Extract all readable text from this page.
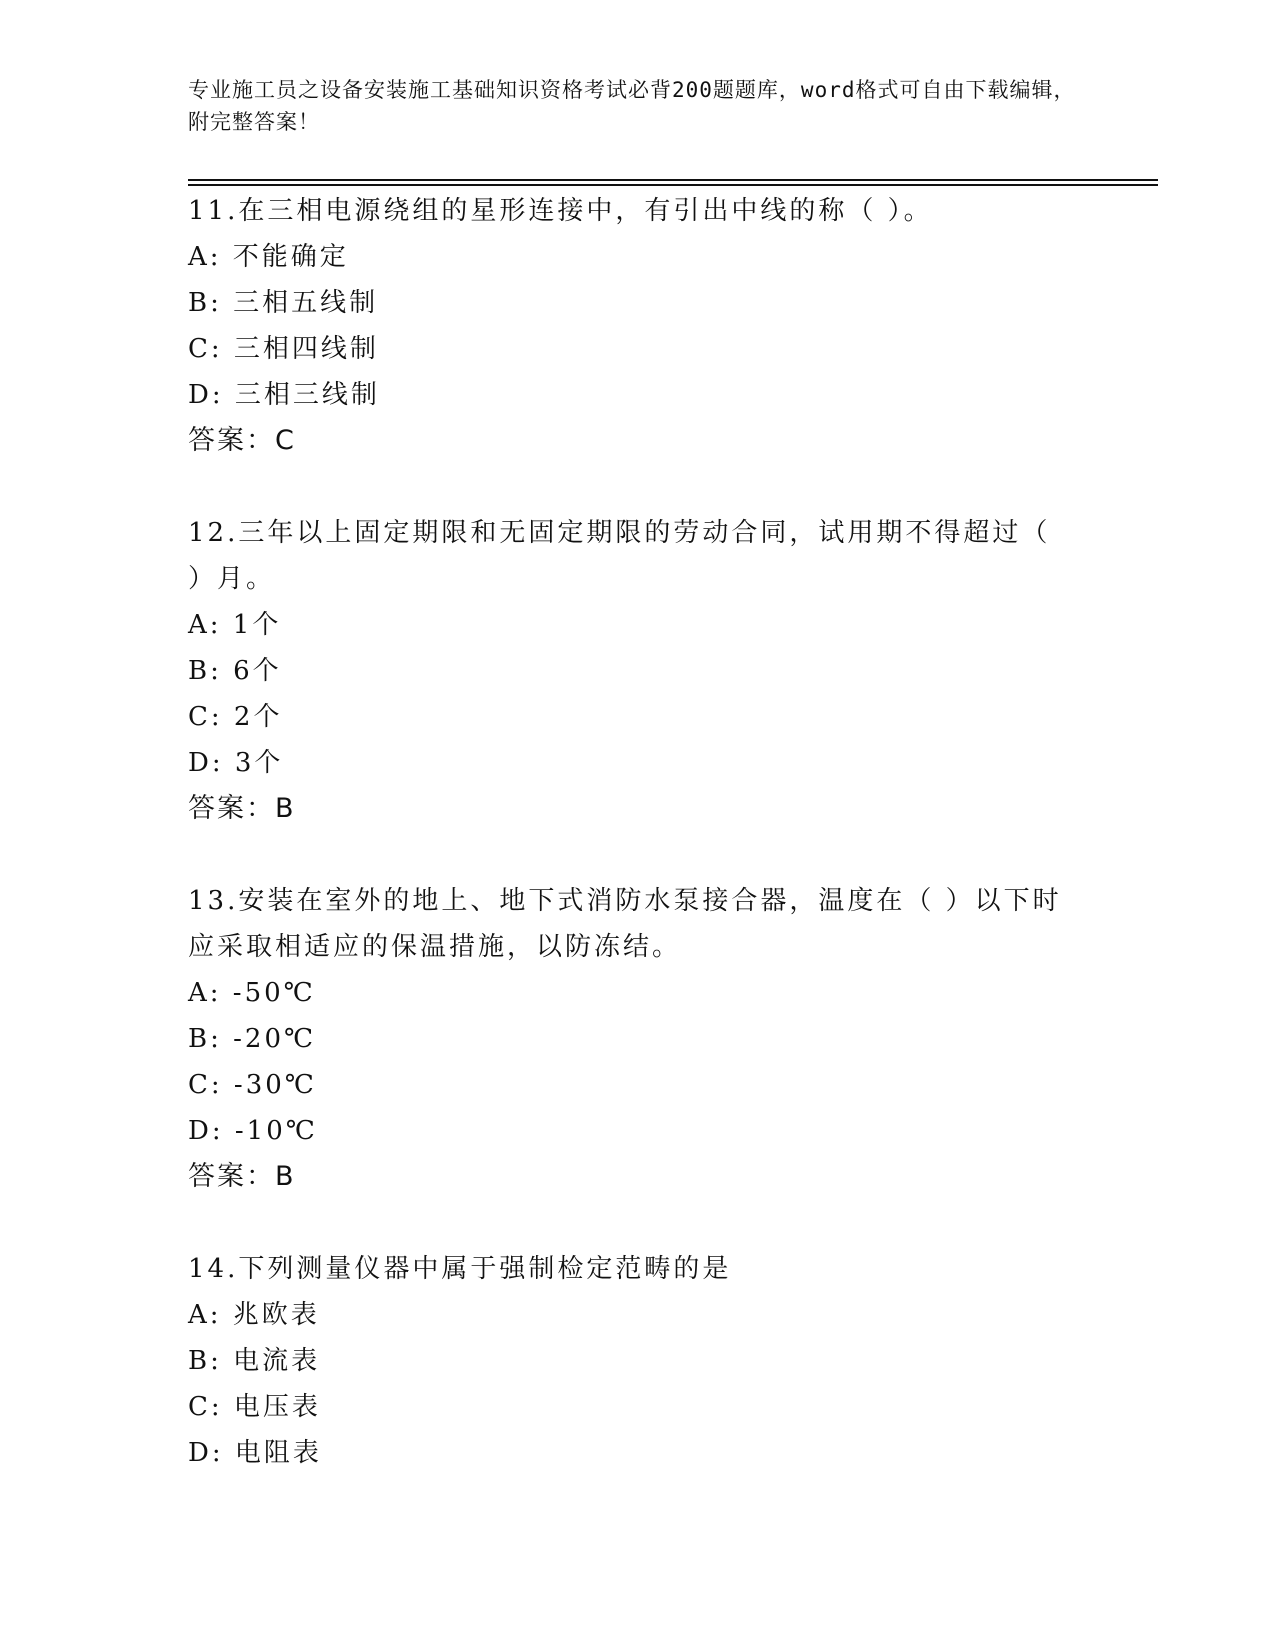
专业施工员之设备安装施工基础知识资格考试必背200题题库，word格式可自由下载编辑，附完整答案！
11.在三相电源绕组的星形连接中，有引出中线的称（ ）。
A: 不能确定
B: 三相五线制
C: 三相四线制
D: 三相三线制
答案：C
12.三年以上固定期限和无固定期限的劳动合同，试用期不得超过（ ）月。
A: 1个
B: 6个
C: 2个
D: 3个
答案：B
13.安装在室外的地上、地下式消防水泵接合器，温度在（ ）以下时应采取相适应的保温措施，以防冻结。
A: -50℃
B: -20℃
C: -30℃
D: -10℃
答案：B
14.下列测量仪器中属于强制检定范畴的是
A: 兆欧表
B: 电流表
C: 电压表
D: 电阻表
